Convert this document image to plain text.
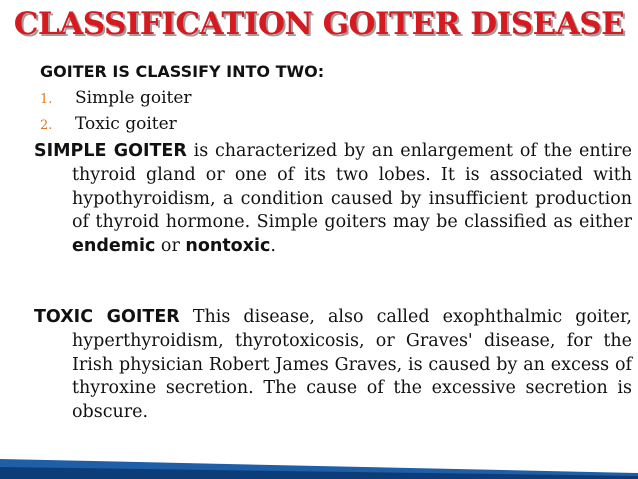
CLASSIFICATION GOITER DISEASE
GOITER IS CLASSIFY INTO TWO:
1. Simple goiter
2. Toxic goiter

SIMPLE GOITER is characterized by an enlargement of the entire thyroid gland or one of its two lobes. It is associated with hypothyroidism, a condition caused by insufficient production of thyroid hormone. Simple goiters may be classified as either endemic or nontoxic.

TOXIC GOITER This disease, also called exophthalmic goiter, hyperthyroidism, thyrotoxicosis, or Graves' disease, for the Irish physician Robert James Graves, is caused by an excess of thyroxine secretion. The cause of the excessive secretion is obscure.
